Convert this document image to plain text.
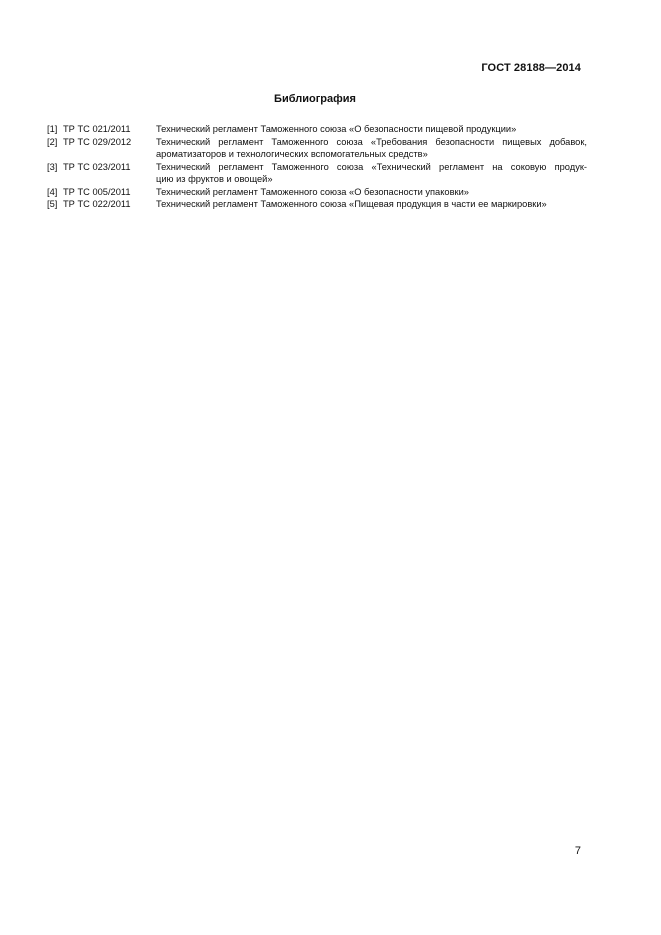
ГОСТ 28188—2014
Библиография
[1] ТР ТС 021/2011	Технический регламент Таможенного союза «О безопасности пищевой продукции»
[2] ТР ТС 029/2012	Технический регламент Таможенного союза «Требования безопасности пищевых добавок,
ароматизаторов и технологических вспомогательных средств»
[3] ТР ТС 023/2011	Технический регламент Таможенного союза «Технический регламент на соковую продук-
цию из фруктов и овощей»
[4] ТР ТС 005/2011	Технический регламент Таможенного союза «О безопасности упаковки»
[5] ТР ТС 022/2011	Технический регламент Таможенного союза «Пищевая продукция в части ее маркировки»
7
